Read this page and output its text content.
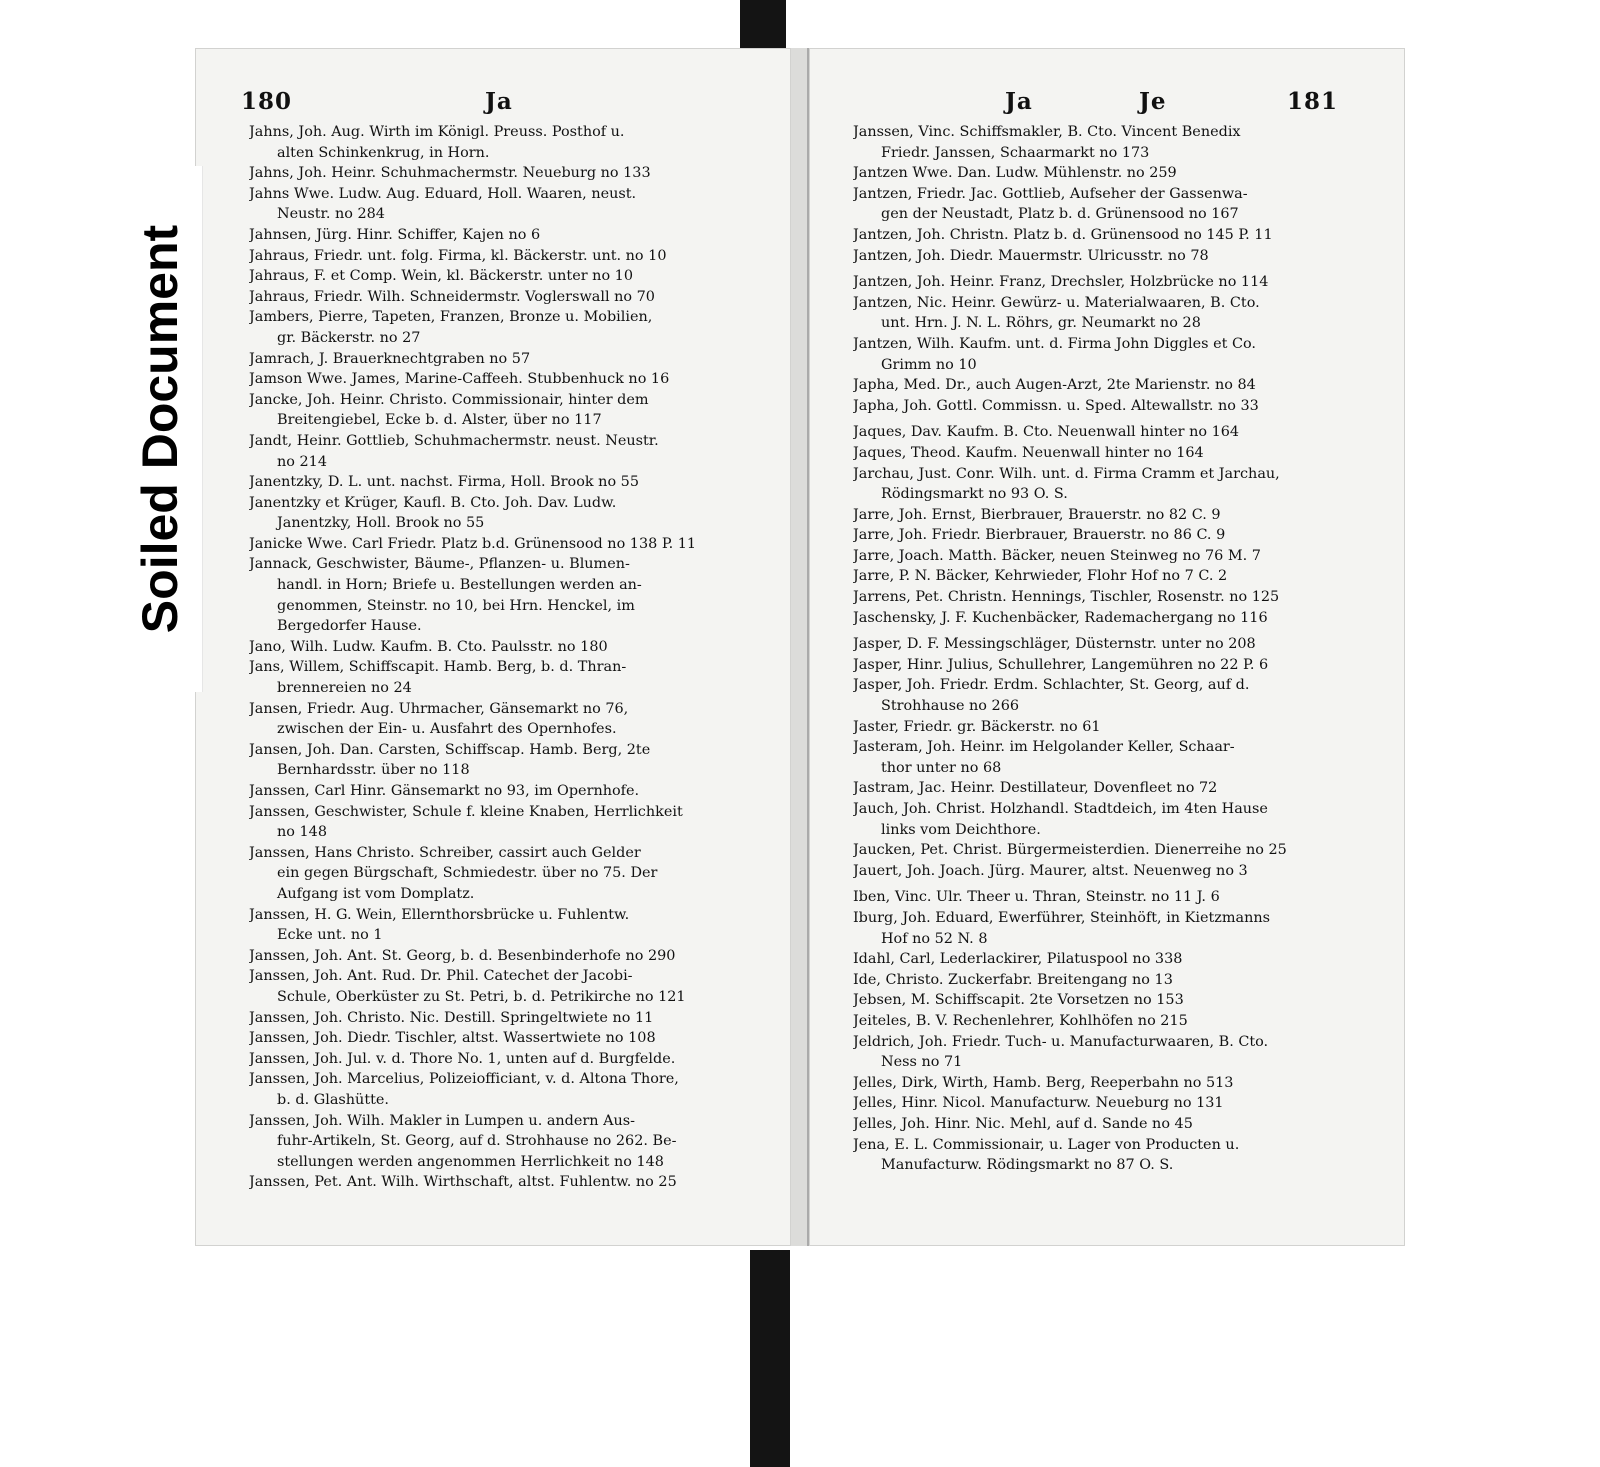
180	Ja
Jahns, Joh. Aug. Wirth im Königl. Preuss. Posthof u.
alten Schinkenkrug, in Horn.
Jahns, Joh. Heinr. Schuhmachermstr. Neueburg no 133
Jahns Wwe. Ludw. Aug. Eduard, Holl. Waaren, neust.
Neustr. no 284
Jahnsen, Jürg. Hinr. Schiffer, Kajen no 6
Jahraus, Friedr. unt. folg. Firma, kl. Bäckerstr. unt. no 10
Jahraus, F. et Comp. Wein, kl. Bäckerstr. unter no 10
Jahraus, Friedr. Wilh. Schneidermstr. Voglerswall no 70
Jambers, Pierre, Tapeten, Franzen, Bronze u. Mobilien,
gr. Bäckerstr. no 27
Jamrach, J. Brauerknechtgraben no 57
Jamson Wwe. James, Marine-Caffeeh. Stubbenhuck no 16
Jancke, Joh. Heinr. Christo. Commissionair, hinter dem
Breitengiebel, Ecke b. d. Alster, über no 117
Jandt, Heinr. Gottlieb, Schuhmachermstr. neust. Neustr.
no 214
Janentzky, D. L. unt. nachst. Firma, Holl. Brook no 55
Janentzky et Krüger, Kaufl. B. Cto. Joh. Dav. Ludw.
Janentzky, Holl. Brook no 55
Janicke Wwe. Carl Friedr. Platz b.d. Grünensood no 138 P. 11
Jannack, Geschwister, Bäume-, Pflanzen- u. Blumen-
handl. in Horn; Briefe u. Bestellungen werden an-
genommen, Steinstr. no 10, bei Hrn. Henckel, im
Bergedorfer Hause.
Jano, Wilh. Ludw. Kaufm. B. Cto. Paulsstr. no 180
Jans, Willem, Schiffscapit. Hamb. Berg, b. d. Thran-
brennereien no 24
Jansen, Friedr. Aug. Uhrmacher, Gänsemarkt no 76,
zwischen der Ein- u. Ausfahrt des Opernhofes.
Jansen, Joh. Dan. Carsten, Schiffscap. Hamb. Berg, 2te
Bernhardsstr. über no 118
Janssen, Carl Hinr. Gänsemarkt no 93, im Opernhofe.
Janssen, Geschwister, Schule f. kleine Knaben, Herrlichkeit
no 148
Janssen, Hans Christo. Schreiber, cassirt auch Gelder
ein gegen Bürgschaft, Schmiedestr. über no 75. Der
Aufgang ist vom Domplatz.
Janssen, H. G. Wein, Ellernthorsbrücke u. Fuhlentw.
Ecke unt. no 1
Janssen, Joh. Ant. St. Georg, b. d. Besenbinderhofe no 290
Janssen, Joh. Ant. Rud. Dr. Phil. Catechet der Jacobi-
Schule, Oberküster zu St. Petri, b. d. Petrikirche no 121
Janssen, Joh. Christo. Nic. Destill. Springeltwiete no 11
Janssen, Joh. Diedr. Tischler, altst. Wassertwiete no 108
Janssen, Joh. Jul. v. d. Thore No. 1, unten auf d. Burgfelde.
Janssen, Joh. Marcelius, Polizeiofficiant, v. d. Altona Thore,
b. d. Glashütte.
Janssen, Joh. Wilh. Makler in Lumpen u. andern Aus-
fuhr-Artikeln, St. Georg, auf d. Strohhause no 262. Be-
stellungen werden angenommen Herrlichkeit no 148
Janssen, Pet. Ant. Wilh. Wirthschaft, altst. Fuhlentw. no 25
Ja	Je	181
Janssen, Vinc. Schiffsmakler, B. Cto. Vincent Benedix
Friedr. Janssen, Schaarmarkt no 173
Jantzen Wwe. Dan. Ludw. Mühlenstr. no 259
Jantzen, Friedr. Jac. Gottlieb, Aufseher der Gassenwa-
gen der Neustadt, Platz b. d. Grünensood no 167
Jantzen, Joh. Christn. Platz b. d. Grünensood no 145 P. 11
Jantzen, Joh. Diedr. Mauermstr. Ulricusstr. no 78
Jantzen, Joh. Heinr. Franz, Drechsler, Holzbrücke no 114
Jantzen, Nic. Heinr. Gewürz- u. Materialwaaren, B. Cto.
unt. Hrn. J. N. L. Röhrs, gr. Neumarkt no 28
Jantzen, Wilh. Kaufm. unt. d. Firma John Diggles et Co.
Grimm no 10
Japha, Med. Dr., auch Augen-Arzt, 2te Marienstr. no 84
Japha, Joh. Gottl. Commissn. u. Sped. Altewallstr. no 33
Jaques, Dav. Kaufm. B. Cto. Neuenwall hinter no 164
Jaques, Theod. Kaufm. Neuenwall hinter no 164
Jarchau, Just. Conr. Wilh. unt. d. Firma Cramm et Jarchau,
Rödingsmarkt no 93 O. S.
Jarre, Joh. Ernst, Bierbrauer, Brauerstr. no 82 C. 9
Jarre, Joh. Friedr. Bierbrauer, Brauerstr. no 86 C. 9
Jarre, Joach. Matth. Bäcker, neuen Steinweg no 76 M. 7
Jarre, P. N. Bäcker, Kehrwieder, Flohr Hof no 7 C. 2
Jarrens, Pet. Christn. Hennings, Tischler, Rosenstr. no 125
Jaschensky, J. F. Kuchenbäcker, Rademachergang no 116
Jasper, D. F. Messingschläger, Düsternstr. unter no 208
Jasper, Hinr. Julius, Schullehrer, Langemühren no 22 P. 6
Jasper, Joh. Friedr. Erdm. Schlachter, St. Georg, auf d.
Strohhause no 266
Jaster, Friedr. gr. Bäckerstr. no 61
Jasteram, Joh. Heinr. im Helgolander Keller, Schaar-
thor unter no 68
Jastram, Jac. Heinr. Destillateur, Dovenfleet no 72
Jauch, Joh. Christ. Holzhandl. Stadtdeich, im 4ten Hause
links vom Deichthore.
Jaucken, Pet. Christ. Bürgermeisterdien. Dienerreihe no 25
Jauert, Joh. Joach. Jürg. Maurer, altst. Neuenweg no 3
Iben, Vinc. Ulr. Theer u. Thran, Steinstr. no 11 J. 6
Iburg, Joh. Eduard, Ewerführer, Steinhöft, in Kietzmanns
Hof no 52 N. 8
Idahl, Carl, Lederlackirer, Pilatuspool no 338
Ide, Christo. Zuckerfabr. Breitengang no 13
Jebsen, M. Schiffscapit. 2te Vorsetzen no 153
Jeiteles, B. V. Rechenlehrer, Kohlhöfen no 215
Jeldrich, Joh. Friedr. Tuch- u. Manufacturwaaren, B. Cto.
Ness no 71
Jelles, Dirk, Wirth, Hamb. Berg, Reeperbahn no 513
Jelles, Hinr. Nicol. Manufacturw. Neueburg no 131
Jelles, Joh. Hinr. Nic. Mehl, auf d. Sande no 45
Jena, E. L. Commissionair, u. Lager von Producten u.
Manufacturw. Rödingsmarkt no 87 O. S.
Soiled Document
